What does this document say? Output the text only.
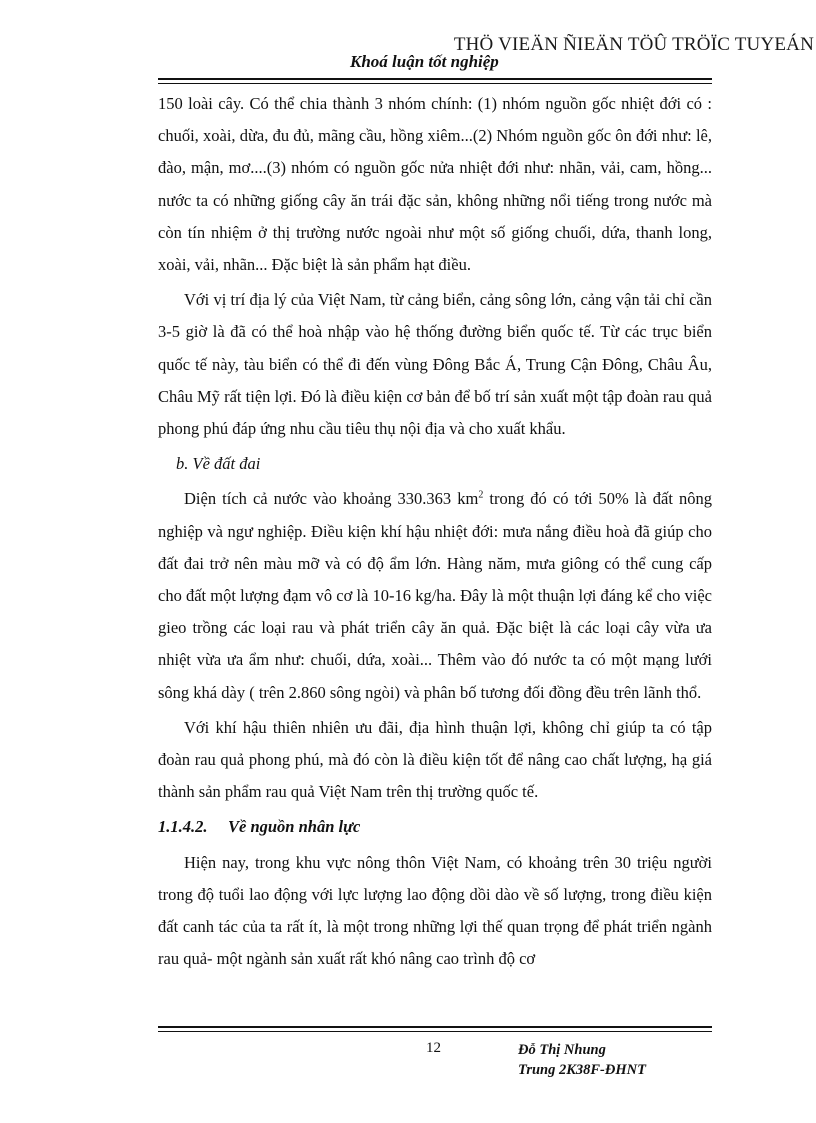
THÖ VIEÄN ÑIEÄN TÖÛ TRÖÏC TUYEÁN
Khoá luận tốt nghiệp

150 loài cây. Có thể chia thành 3 nhóm chính: (1) nhóm nguồn gốc nhiệt đới có : chuối, xoài, dừa, đu đủ, mãng cầu, hồng xiêm...(2) Nhóm nguồn gốc ôn đới như: lê, đào, mận, mơ....(3) nhóm có nguồn gốc nửa nhiệt đới như: nhãn, vải, cam, hồng... nước ta có những giống cây ăn trái đặc sản, không những nổi tiếng trong nước mà còn tín nhiệm ở thị trường nước ngoài như một số giống chuối, dứa, thanh long, xoài, vải, nhãn... Đặc biệt là sản phẩm hạt điều.

Với vị trí địa lý của Việt Nam, từ cảng biển, cảng sông lớn, cảng vận tải chỉ cần 3-5 giờ là đã có thể hoà nhập vào hệ thống đường biển quốc tế. Từ các trục biển quốc tế này, tàu biển có thể đi đến vùng Đông Bắc Á, Trung Cận Đông, Châu Âu, Châu Mỹ rất tiện lợi. Đó là điều kiện cơ bản để bố trí sản xuất một tập đoàn rau quả phong phú đáp ứng nhu cầu tiêu thụ nội địa và cho xuất khẩu.

b. Về đất đai

Diện tích cả nước vào khoảng 330.363 $km^2$ trong đó có tới 50% là đất nông nghiệp và ngư nghiệp. Điều kiện khí hậu nhiệt đới: mưa nắng điều hoà đã giúp cho đất đai trở nên màu mỡ và có độ ẩm lớn. Hàng năm, mưa giông có thể cung cấp cho đất một lượng đạm vô cơ là 10-16 kg/ha. Đây là một thuận lợi đáng kể cho việc gieo trồng các loại rau và phát triển cây ăn quả. Đặc biệt là các loại cây vừa ưa nhiệt vừa ưa ẩm như: chuối, dứa, xoài... Thêm vào đó nước ta có một mạng lưới sông khá dày ( trên 2.860 sông ngòi) và phân bố tương đối đồng đều trên lãnh thổ.

Với khí hậu thiên nhiên ưu đãi, địa hình thuận lợi, không chỉ giúp ta có tập đoàn rau quả phong phú, mà đó còn là điều kiện tốt để nâng cao chất lượng, hạ giá thành sản phẩm rau quả Việt Nam trên thị trường quốc tế.

1.1.4.2. Về nguồn nhân lực

Hiện nay, trong khu vực nông thôn Việt Nam, có khoảng trên 30 triệu người trong độ tuổi lao động với lực lượng lao động dồi dào về số lượng, trong điều kiện đất canh tác của ta rất ít, là một trong những lợi thế quan trọng để phát triển ngành rau quả- một ngành sản xuất rất khó nâng cao trình độ cơ

12	Đỗ Thị Nhung
Trung 2K38F-ĐHNT
